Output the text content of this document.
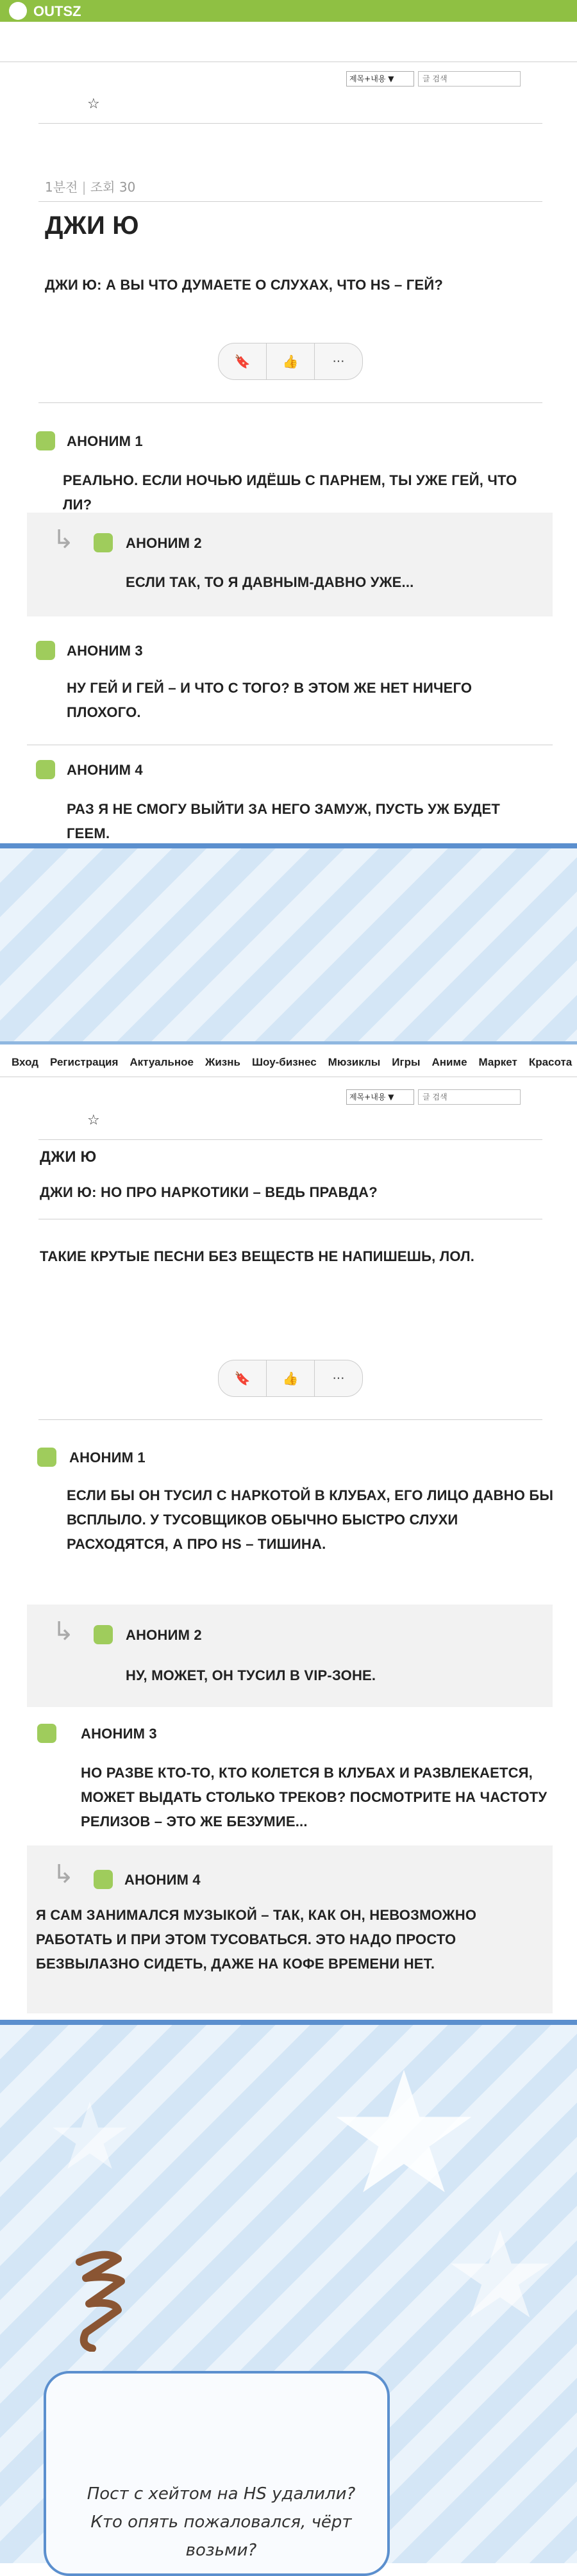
OUTSZ
제목+내용 ▼	글 검색
☆
1분전 | 조회 30
ДЖИ Ю
ДЖИ Ю: А ВЫ ЧТО ДУМАЕТЕ О СЛУХАХ, ЧТО HS – ГЕЙ?
🔖	👍	···
АНОНИМ 1
РЕАЛЬНО. ЕСЛИ НОЧЬЮ ИДЁШЬ С ПАРНЕМ, ТЫ УЖЕ ГЕЙ, ЧТО ЛИ?
↳	АНОНИМ 2
ЕСЛИ ТАК, ТО Я ДАВНЫМ-ДАВНО УЖЕ...
АНОНИМ 3
НУ ГЕЙ И ГЕЙ – И ЧТО С ТОГО? В ЭТОМ ЖЕ НЕТ НИЧЕГО ПЛОХОГО.
АНОНИМ 4
РАЗ Я НЕ СМОГУ ВЫЙТИ ЗА НЕГО ЗАМУЖ, ПУСТЬ УЖ БУДЕТ ГЕЕМ.
Вход Регистрация Актуальное Жизнь Шоу-бизнес Мюзиклы Игры Аниме Маркет Красота
제목+내용 ▼	글 검색
☆
ДЖИ Ю
ДЖИ Ю: НО ПРО НАРКОТИКИ – ВЕДЬ ПРАВДА?
ТАКИЕ КРУТЫЕ ПЕСНИ БЕЗ ВЕЩЕСТВ НЕ НАПИШЕШЬ, ЛОЛ.
🔖	👍	···
АНОНИМ 1
ЕСЛИ БЫ ОН ТУСИЛ С НАРКОТОЙ В КЛУБАХ, ЕГО ЛИЦО ДАВНО БЫ ВСПЛЫЛО. У ТУСОВЩИКОВ ОБЫЧНО БЫСТРО СЛУХИ РАСХОДЯТСЯ, А ПРО HS – ТИШИНА.
↳	АНОНИМ 2
НУ, МОЖЕТ, ОН ТУСИЛ В VIP-ЗОНЕ.
АНОНИМ 3
НО РАЗВЕ КТО-ТО, КТО КОЛЕТСЯ В КЛУБАХ И РАЗВЛЕКАЕТСЯ, МОЖЕТ ВЫДАТЬ СТОЛЬКО ТРЕКОВ? ПОСМОТРИТЕ НА ЧАСТОТУ РЕЛИЗОВ – ЭТО ЖЕ БЕЗУМИЕ...
↳	АНОНИМ 4
Я САМ ЗАНИМАЛСЯ МУЗЫКОЙ – ТАК, КАК ОН, НЕВОЗМОЖНО РАБОТАТЬ И ПРИ ЭТОМ ТУСОВАТЬСЯ. ЭТО НАДО ПРОСТО БЕЗВЫЛАЗНО СИДЕТЬ, ДАЖЕ НА КОФЕ ВРЕМЕНИ НЕТ.
Пост с хейтом на HS удалили? Кто опять пожаловался, чёрт возьми?
